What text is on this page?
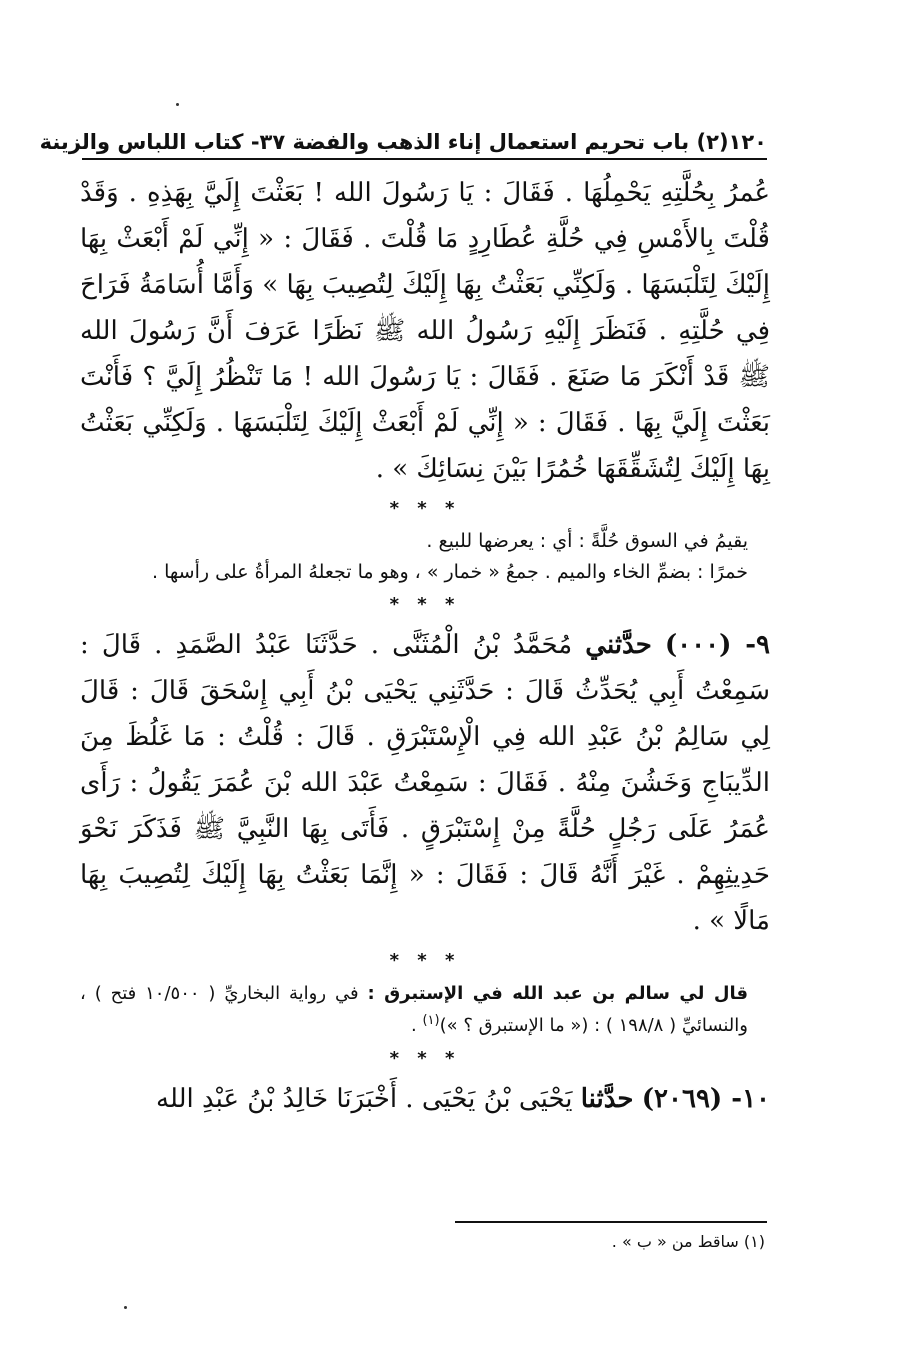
١٢٠
(٢) باب تحريم استعمال إناء الذهب والفضة ٣٧- كتاب اللباس والزينة

عُمرُ بِحُلَّتِهِ يَحْمِلُهَا . فَقَالَ : يَا رَسُولَ الله ! بَعَثْتَ إِلَيَّ بِهَذِهِ . وَقَدْ قُلْتَ بِالأَمْسِ فِي حُلَّةِ عُطَارِدٍ مَا قُلْتَ . فَقَالَ : « إِنِّي لَمْ أَبْعَثْ بِهَا إِلَيْكَ لِتَلْبَسَهَا . وَلَكِنِّي بَعَثْتُ بِهَا إِلَيْكَ لِتُصِيبَ بِهَا » وَأَمَّا أُسَامَةُ فَرَاحَ فِي حُلَّتِهِ . فَنَظَرَ إِلَيْهِ رَسُولُ الله ﷺ نَظَرًا عَرَفَ أَنَّ رَسُولَ الله ﷺ قَدْ أَنْكَرَ مَا صَنَعَ . فَقَالَ : يَا رَسُولَ الله ! مَا تَنْظُرُ إِلَيَّ ؟ فَأَنْتَ بَعَثْتَ إِلَيَّ بِهَا . فَقَالَ : « إِنِّي لَمْ أَبْعَثْ إِلَيْكَ لِتَلْبَسَهَا . وَلَكِنِّي بَعَثْتُ بِهَا إِلَيْكَ لِتُشَقِّقَهَا خُمُرًا بَيْنَ نِسَائِكَ » .

* * *

يقيمُ في السوق حُلَّةً : أي : يعرضها للبيع .

خمرًا : بضمِّ الخاء والميم . جمعُ « خمار » ، وهو ما تجعلهُ المرأةُ على رأسها .

* * *

٩- (٠٠٠) حدَّثني مُحَمَّدُ بْنُ الْمُثَنَّى . حَدَّثَنَا عَبْدُ الصَّمَدِ . قَالَ : سَمِعْتُ أَبِي يُحَدِّثُ قَالَ : حَدَّثَنِي يَحْيَى بْنُ أَبِي إِسْحَقَ قَالَ : قَالَ لِي سَالِمُ بْنُ عَبْدِ الله فِي الْإِسْتَبْرَقِ . قَالَ : قُلْتُ : مَا غَلُظَ مِنَ الدِّيبَاجِ وَخَشُنَ مِنْهُ . فَقَالَ : سَمِعْتُ عَبْدَ الله بْنَ عُمَرَ يَقُولُ : رَأَى عُمَرُ عَلَى رَجُلٍ حُلَّةً مِنْ إِسْتَبْرَقٍ . فَأَتَى بِهَا النَّبِيَّ ﷺ فَذَكَرَ نَحْوَ حَدِيثِهِمْ . غَيْرَ أَنَّهُ قَالَ : فَقَالَ : « إِنَّمَا بَعَثْتُ بِهَا إِلَيْكَ لِتُصِيبَ بِهَا مَالًا » .

* * *

قال لي سالم بن عبد الله في الإستبرق : في رواية البخاريِّ ( ١٠/٥٠٠ فتح ) ، والنسائيِّ ( ١٩٨/٨ ) : (« ما الإستبرق ؟ »)$^{(١)}$ .

* * *

١٠- (٢٠٦٩) حدَّثنا يَحْيَى بْنُ يَحْيَى . أَخْبَرَنَا خَالِدُ بْنُ عَبْدِ الله

(١) ساقط من « ب » .
